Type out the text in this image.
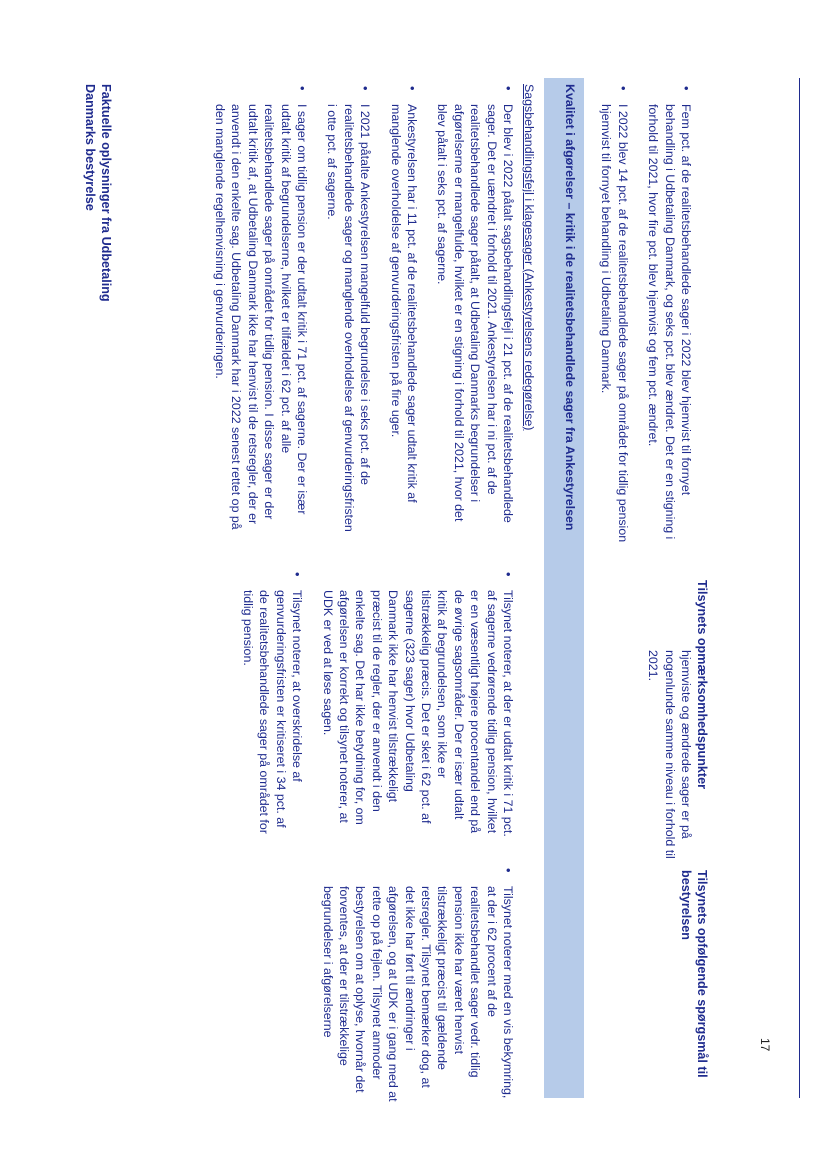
Faktuelle oplysninger fra Udbetaling Danmarks bestyrelse
Tilsynets opmærksomhedspunkter
Tilsynets opfølgende spørgsmål til bestyrelsen
• Fem pct. af de realitetsbehandlede sager i 2022 blev hjemvist til fornyet behandling i Udbetaling Danmark, og seks pct. blev ændret. Det er en stigning i forhold til 2021, hvor fire pct. blev hjemvist og fem pct. ændret.
• I 2022 blev 14 pct. af de realitetsbehandlede sager på området for tidlig pension hjemvist til fornyet behandling i Udbetaling Danmark.
hjemviste og ændrede sager er på nogenlunde samme niveau i forhold til 2021.
Kvalitet i afgørelser – kritik i de realitetsbehandlede sager fra Ankestyrelsen
Sagsbehandlingsfejl i klagesager (Ankestyrelsens redegørelse)
• Der blev i 2022 påtalt sagsbehandlingsfejl i 21 pct. af de realitetsbehandlede sager. Det er uændret i forhold til 2021. Ankestyrelsen har i ni pct. af de realitetsbehandlede sager påtalt, at Udbetaling Danmarks begrundelser i afgørelserne er mangelfulde, hvilket er en stigning i forhold til 2021, hvor det blev påtalt i seks pct. af sagerne.
• Ankestyrelsen har i 11 pct. af de realitetsbehandlede sager udtalt kritik af manglende overholdelse af genvurderingsfristen på fire uger.
• I 2021 påtalte Ankestyrelsen mangelfuld begrundelse i seks pct. af de realitetsbehandlede sager og manglende overholdelse af genvurderingsfristen i otte pct. af sagerne.
• I sager om tidlig pension er der udtalt kritik i 71 pct. af sagerne. Der er især udtalt kritik af begrundelserne, hvilket er tilfældet i 62 pct. af alle realitetsbehandlede sager på området for tidlig pension. I disse sager er der udtalt kritik af, at Udbetaling Danmark ikke har henvist til de retsregler, der er anvendt i den enkelte sag. Udbetaling Danmark har i 2022 senest rettet op på den manglende regelhenvisning i genvurderingen.
• Tilsynet noterer, at der er udtalt kritik i 71 pct. af sagerne vedrørende tidlig pension, hvilket er en væsentligt højere procentandel end på de øvrige sagsområder. Der er især udtalt kritik af begrundelsen, som ikke er tilstrækkelig præcis. Det er sket i 62 pct. af sagerne (323 sager) hvor Udbetaling Danmark ikke har henvist tilstrækkeligt præcist til de regler, der er anvendt i den enkelte sag. Det har ikke betydning for, om afgørelsen er korrekt og tilsynet noterer, at UDK er ved at løse sagen.
• Tilsynet noterer, at overskridelse af genvurderingsfristen er kritiseret i 34 pct. af de realitetsbehandlede sager på området for tidlig pension.
• Tilsynet noterer med en vis bekymring, at der i 62 procent af de realitetsbehandlet sager vedr. tidlig pension ikke har været henvist tilstrækkeligt præcist til gældende retsregler. Tilsynet bemærker dog, at det ikke har ført til ændringer i afgørelsen, og at UDK er i gang med at rette op på fejlen. Tilsynet anmoder bestyrelsen om at oplyse, hvornår det forventes, at der er tilstrækkelige begrundelser i afgørelserne
17
